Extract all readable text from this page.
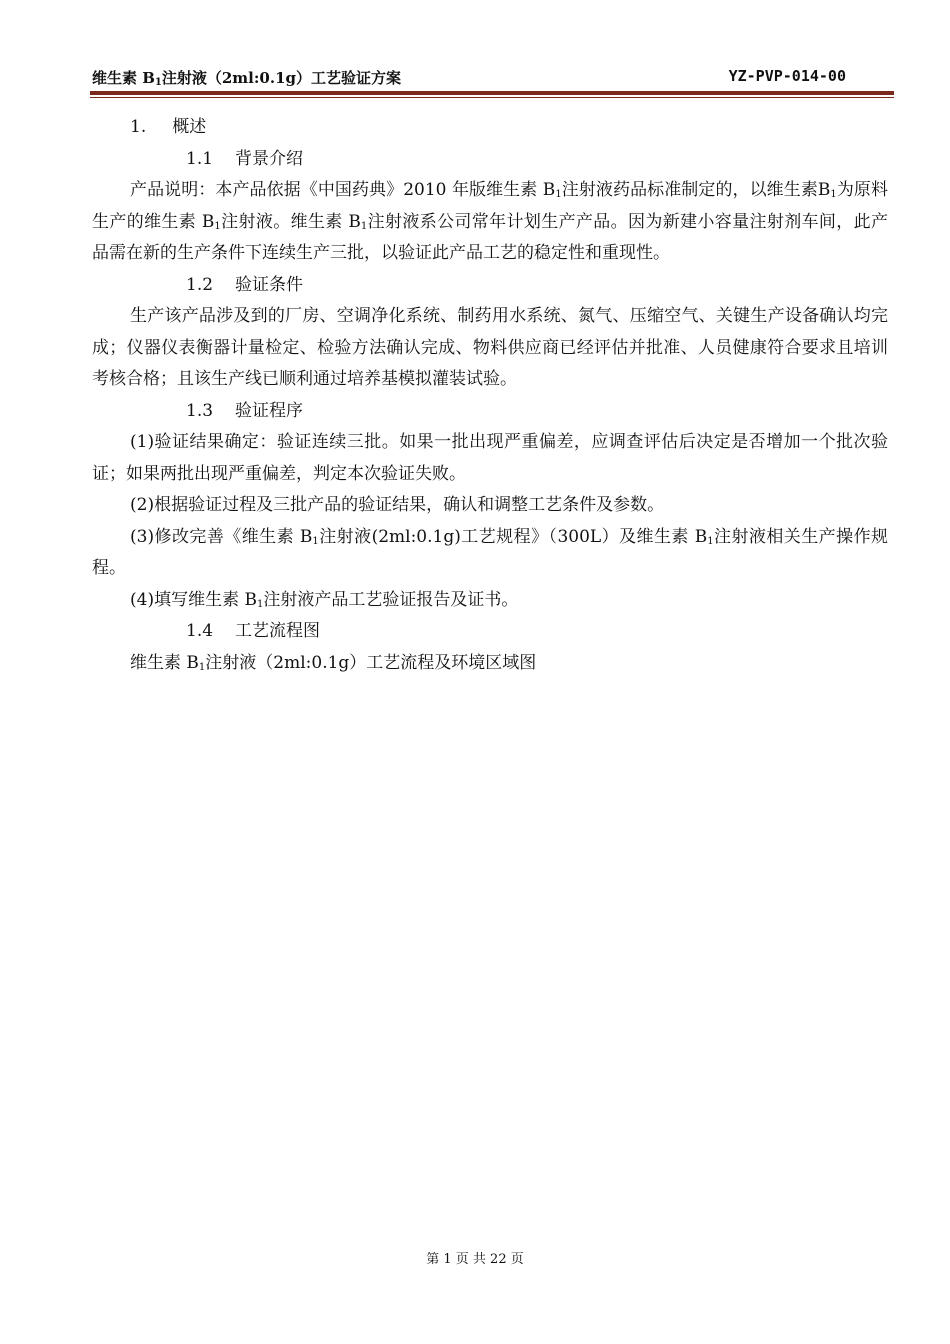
维生素 $B_1$注射液（2ml:0.1g）工艺验证方案	YZ-PVP-014-00
1. 概述
1.1 背景介绍
产品说明：本产品依据《中国药典》2010 年版维生素 $B_1$注射液药品标准制定的，以维生素$B_1$为原料生产的维生素 $B_1$注射液。维生素 $B_1$注射液系公司常年计划生产产品。因为新建小容量注射剂车间，此产品需在新的生产条件下连续生产三批，以验证此产品工艺的稳定性和重现性。
1.2 验证条件
生产该产品涉及到的厂房、空调净化系统、制药用水系统、氮气、压缩空气、关键生产设备确认均完成；仪器仪表衡器计量检定、检验方法确认完成、物料供应商已经评估并批准、人员健康符合要求且培训考核合格；且该生产线已顺利通过培养基模拟灌装试验。
1.3 验证程序
(1)验证结果确定：验证连续三批。如果一批出现严重偏差，应调查评估后决定是否增加一个批次验证；如果两批出现严重偏差，判定本次验证失败。
(2)根据验证过程及三批产品的验证结果，确认和调整工艺条件及参数。
(3)修改完善《维生素 $B_1$注射液(2ml:0.1g)工艺规程》（300L）及维生素 $B_1$注射液相关生产操作规程。
(4)填写维生素 $B_1$注射液产品工艺验证报告及证书。
1.4 工艺流程图
维生素 $B_1$注射液（2ml:0.1g）工艺流程及环境区域图
第 1 页 共 22 页
